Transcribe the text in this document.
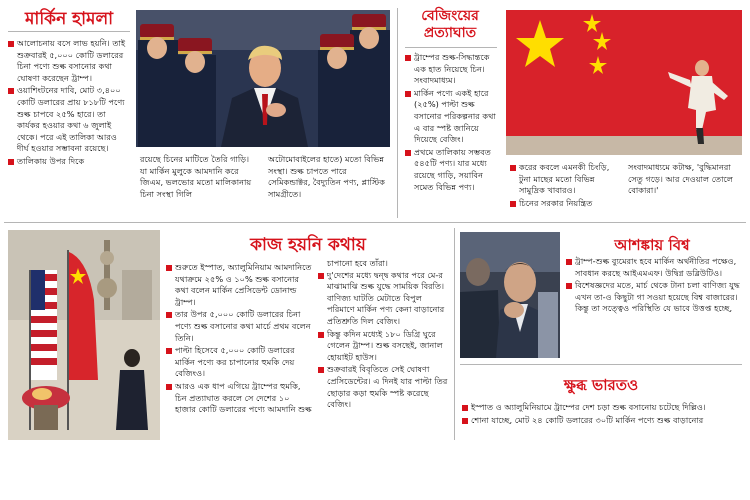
মার্কিন হামলা
আলোচনায় বসে লাভ হয়নি। তাই শুক্রবারই ৫,০০০ কোটি ডলারের চিনা পণ্যে শুল্ক বসানোর কথা ঘোষণা করেছেন ট্রাম্প।
ওয়াশিংটনের দাবি, মোট ৩,৪০০ কোটি ডলারের প্রায় ৮১৮টি পণ্যে শুল্ক চাপবে ২৫% হারে। তা কার্যকর হওয়ার কথা ৬ জুলাই থেকে। পরে এই তালিকা আরও দীর্ঘ হওয়ার সম্ভাবনা রয়েছে।
তালিকায় উপর দিকে	রয়েছে চিনের মাটিতে তৈরি গাড়ি। যা মার্কিন মুলুকে আমদানি করে জিএম, ভলভোর মতো মালিকানায় চিনা সংস্থা গিলি
অটোমোবাইলের হাতে) মতো বিভিন্ন সংস্থা। শুল্ক চাপতে পারে সেমিকন্ডাক্টর, বৈদ্যুতিন পণ্য, প্লাস্টিক সামগ্রীতে।
বেজিংয়ের
প্রত্যাঘাত
ট্রাম্পের শুল্ক-সিদ্ধান্তকে এক হাত নিয়েছে চিন। সংবাদমাধ্যম।
মার্কিন পণ্যে একই হারে (২৫%) পাল্টা শুল্ক বসানোর পরিকল্পনার কথা এ বার স্পষ্ট জানিয়ে দিয়েছে বেজিং।
প্রথমে তালিকায় সম্ভবত ৫৪৫টি পণ্য। যার মধ্যে রয়েছে গাড়ি, সয়াবিন সমেত বিভিন্ন পণ্য।
করের কবলে এমনকী চিংড়ি, টুনা মাছের মতো বিভিন্ন সামুদ্রিক খাবারও।
চিনের সরকার নিয়ন্ত্রিত
সংবাদমাধ্যমে কটাক্ষ, 'বুদ্ধিমানরা সেতু গড়ে। আর দেওয়াল তোলে বোকারা।'
কাজ হয়নি কথায়
শুরুতে ইস্পাত, অ্যালুমিনিয়াম আমদানিতে যথাক্রমে ২৫% ও ১০% শুল্ক বসানোর কথা বলেন মার্কিন প্রেসিডেন্ট ডোনাল্ড ট্রাম্প।
তার উপর ৫,০০০ কোটি ডলারের চিনা পণ্যে শুল্ক বসানোর কথা মার্চে প্রথম বলেন তিনি।
পাল্টা হিসেবে ৫,০০০ কোটি ডলারের মার্কিন পণ্যে কর চাপানোর হুমকি দেয় বেজিংও।
আরও এক ধাপ এগিয়ে ট্রাম্পের হুমকি, চিন প্রত্যাঘাত করলে সে দেশের ১০ হাজার কোটি ডলারের পণ্যে আমদানি শুল্ক

চাপানো হবে তাঁরা।

দু'দেশের মধ্যে দ্বন্দ্ব কথার পরে মে-র মাঝামাঝি শুল্ক যুদ্ধে সাময়িক বিরতি। বাণিজ্য ঘাটতি মেটাতে বিপুল পরিমাণে মার্কিন পণ্য কেনা বাড়ানোর প্রতিশ্রুতি দিল বেজিং।
কিন্তু কদিন মধ্যেই ১৮০ ডিগ্রি ঘুরে গেলেন ট্রাম্প। শুল্ক বসছেই, জানাল হোয়াইট হাউস।
শুক্রবারই বিবৃতিতে সেই ঘোষণা প্রেসিডেন্টের। এ দিনই যার পাল্টা তির ছোড়ার কড়া হুমকি স্পষ্ট করেছে বেজিং।
আশঙ্কায় বিশ্ব
ট্রাম্প-শুল্ক ব্যুমেরাং হবে মার্কিন অর্থনীতির পক্ষেও, সাবধান করছে আইএমএফ। উদ্বিগ্ন ডব্লিউটিও।
বিশেষজ্ঞদের মতে, মার্চ থেকে টানা চলা বাণিজ্য যুদ্ধ এখন তা-ও কিছুটা গা সওয়া হয়েছে বিশ্ব বাজারের। কিন্তু তা সত্ত্বেও পরিস্থিতি যে ভাবে উত্তপ্ত হচ্ছে,
ক্ষুব্ধ ভারতও
ইস্পাত ও অ্যালুমিনিয়ামে ট্রাম্পের দেশ চড়া শুল্ক বসানোয় চটেছে দিল্লিও।
শোনা যাচ্ছে, মোট ২৪ কোটি ডলারের ৩০টি মার্কিন পণ্যে শুল্ক বাড়ানোর
